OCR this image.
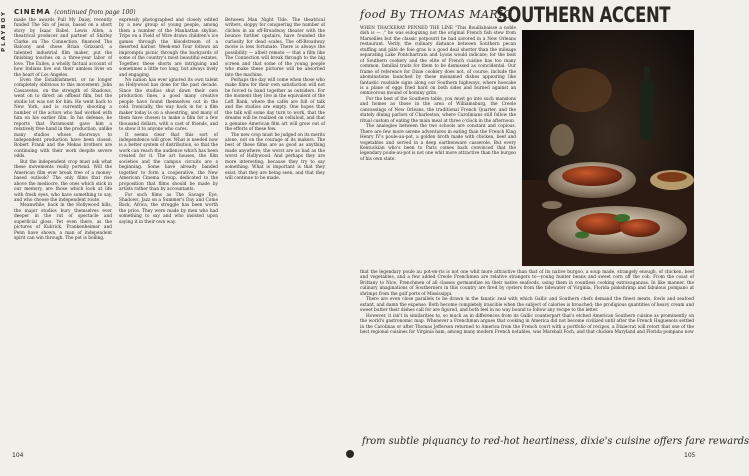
PLAYBOY CINEMA (continued from page 100)

made the awards Pull My Daisy, recently funded The Sin of Jesus, based on a short story by Isaac Babel. Lewis Allen, a theatrical producer and partner of Shirley Clarke on The Connection, financed The Balcony and chose Brian Grizzard, a talented industrial film maker, put the finishing touches on a three-year labor of love. The Exiles, a wholly factual account of how Indians live out their aimless lives on the heart of Los Angeles.

Even the Establishment, or no longer completely oblivious to this movement. John Cassavetes, on the strength of Shadows, went on to direct an offbeat film, but the studio lot was not for him. He went back to New York, and is currently shooting a number of the actors who had worked with him on his earlier film. In his defense, he reports that Paramount gave him a relatively free hand in the production, unlike many studios whose doorways to independent production have been closed. Robert Frank and the Mekas brothers are continuing with their work despite severe odds.

But the independent crop must ask what these movements really portend. Will the American film ever break free of a money-based outlook? The only films that rise above the mediocre, the ones which stick in our memory, are those which look at life with fresh eyes, who have something to say, and who choose the independent route.

Meanwhile, back in the Hollywood hills, the major studios bury themselves ever deeper in the rut of spectacle and superficial gloss. Yet even there, as the pictures of Kubrick, Frankenheimer and Penn have shown, a man of independent spirit can win through. The pot is boiling.

expressly photographed and closely edited by a new group of young people, among them a number of the Manhattan skyline. Trips on a Field of Wire draws children's ice games through the bloodstream of a deserted harbor. Week-end Tour follows an impromptu picnic through the backyards of some of the country's most beautiful estates. Together, these shorts are intriguing and sometimes a little too long, but always lively and engaging.

No nation has ever ignored its own talent as Hollywood has done for the past decade. Since the studios shut down their own production lines, a good many creative people have found themselves out in the cold. Ironically, the way back in for a film maker today is on a shoestring, and many of them have chosen to make a film for a few thousand dollars, with a cast of friends, and to show it to anyone who cares.

It seems clear that this sort of independence will grow. What is needed now is a better system of distribution, so that the work can reach the audience which has been created for it. The art houses, the film societies and the campus circuits are a beginning. Some have already banded together to form a cooperative, the New American Cinema Group, dedicated to the proposition that films should be made by artists rather than by accountants.

For such films as The Savage Eye, Shadows, Jazz on a Summer's Day and Come Back, Africa, the struggle has been worth the price. They were made by men who had something to say and who insisted upon saying it in their own way.

Between Man Night Tide. The theatrical writers, sloppy for conquering the number of clichés in an off-Broadway theater with the bounce further upstairs, have founded the curiosity for dead scales. The off-Broadway movie is less fortunate. There is always the possibility — albeit remote — that a film like The Connection will break through to the big screen and that some of the young people who make these pictures will be absorbed into the machine.

Perhaps the day will come when those who make films for their own satisfaction will not be forced to band together as outsiders. For the moment they live in the equivalent of the Left Bank, where the cafés are full of talk and the studios are empty. One hopes that the talk will some day turn to work, that the dreams will be realized on celluloid, and that a genuine American film art will grow out of the efforts of these few.

The new crop must be judged on its merits alone, not on the courage of its makers. The best of these films are as good as anything made anywhere; the worst are as bad as the worst of Hollywood. And perhaps they are more interesting, because they try to say something. What is important is that they exist, that they are being seen, and that they will continue to be made.

104
food By THOMAS MARIO
SOUTHERN ACCENT

WHEN THACKERAY PENNED THE LINE "This Bouillabaisse a noble dish is — ," he was eulogizing not the original French fish stew from Marseilles but the classic potpourri he had savored in a New Orleans restaurant. Verily, the culinary distance between Southern pecan stuffing and pâté de foie gras is a good deal shorter than the mileage separating Lake Pontchartrain and Lyons would indicate; for the best of Southern cookery and the elite of French cuisine has too many common, familial traits for them to be dismissed as coincidental. Our frame of reference for Dixie cookery does not, of course, include the abominations launched by these misnamed dishes appearing like fantastic roadside signs along our Southern highways, where hoecake is a plane of eggs fried hard on both sides and burned against an omnivorous mound of hominy grits.

For the best of the Southern table, you must go into such mansions and homes as those in the area of Williamsburg, the Creole canvassings of New Orleans, the traditional French Quarter, and the stately dining parlors of Charleston, where Carolinians still follow the ritual custom of eating the main meal at three o'clock in the afternoon.

The analogies between the two schools are constant and copious. There are few more serene adventures in eating than the French King Henry IV's poule-au-pot, a golden broth made with chicken, beef and vegetables and served in a deep earthenware casserole. But every Kentuckian who's been to Paris comes back convinced that the legendary poule-au-pot is not one whit more attractive than the burgoo of his own state.

that the legendary poule au pot-en-ris is not one whit more attractive than that of its native burgoo, a soup made, strangely enough, of chicken, beef and vegetables, and a few added Creole Frenchmen are relative strangers to—young hunter beans and sweet corn off the cob. From the coast of Brittany to Nice, Frenchmen of all classes gormandize on their native seafoods, using them in countless cooking extravaganzas. In like manner, the culinary imaginations of Southerners in this country are fired by oysters from the tidewater of Virginia, Florida pinkshrimp and fabulous pompano at shrimps from the gulf ports of Mississippi.

There are even close parallels to be drawn in the fanatic zeal with which Gallic and Southern chefs demand the finest meats, fowls and seafood extant, and damn the expense. Both become completely irascible when the subject of calories is broached; the prodigious quantities of heavy cream and sweet butter their dishes call for are figured, and both feel in no way bound to follow any recipe to the letter.

However, it isn't in similarities to, so much as in differences from its Gallic counterpart that's etched American Southern cuisine as prominently on the world's gastronomic map. Whenever a Frenchman argues that cooking in America did not become civilized until after the French Huguenots settled in the Carolinas or after Thomas Jefferson returned to America from the French court with a portfolio of recipes, a Dixiecrat will retort that one of the best regional cuisines for Virginia ham, among many modern French notables, was Marshall Foch, and that chicken Maryland and Florida pompano now

from subtle piquancy to red-hot heartiness, dixie's cuisine offers fare rewards
105
